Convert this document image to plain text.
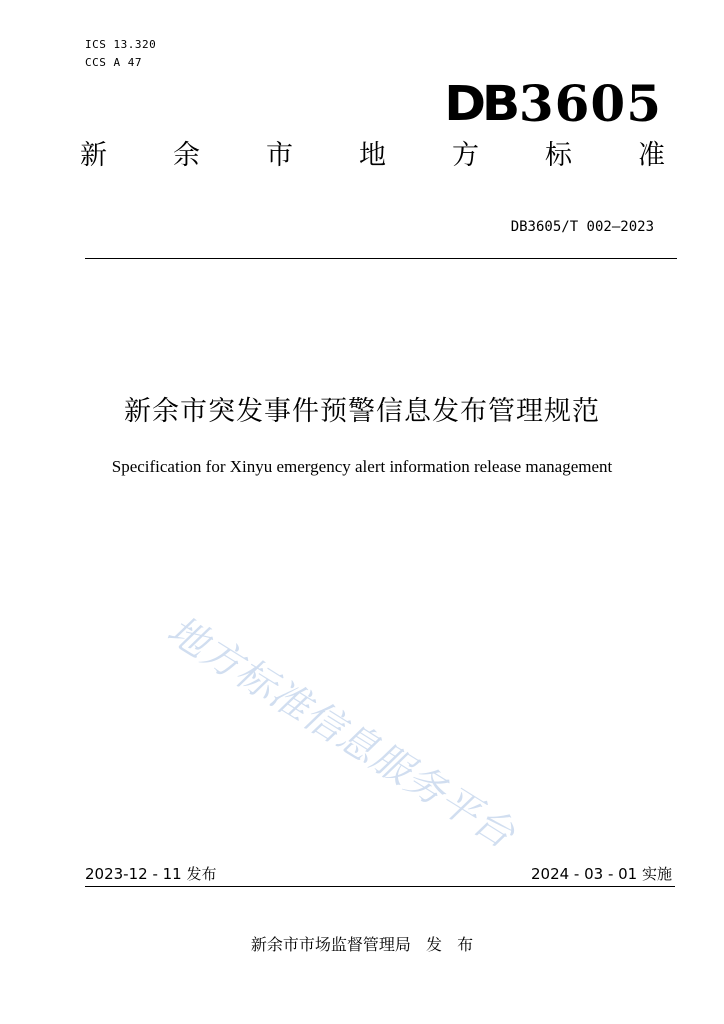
ICS 13.320
CCS A 47
DB 3605
新 余 市 地 方 标 准
DB3605/T 002—2023
新余市突发事件预警信息发布管理规范
Specification for Xinyu emergency alert information release management
地方标准信息服务平台
2023-12 - 11 发布	2024 - 03 - 01 实施
新余市市场监督管理局 发 布
